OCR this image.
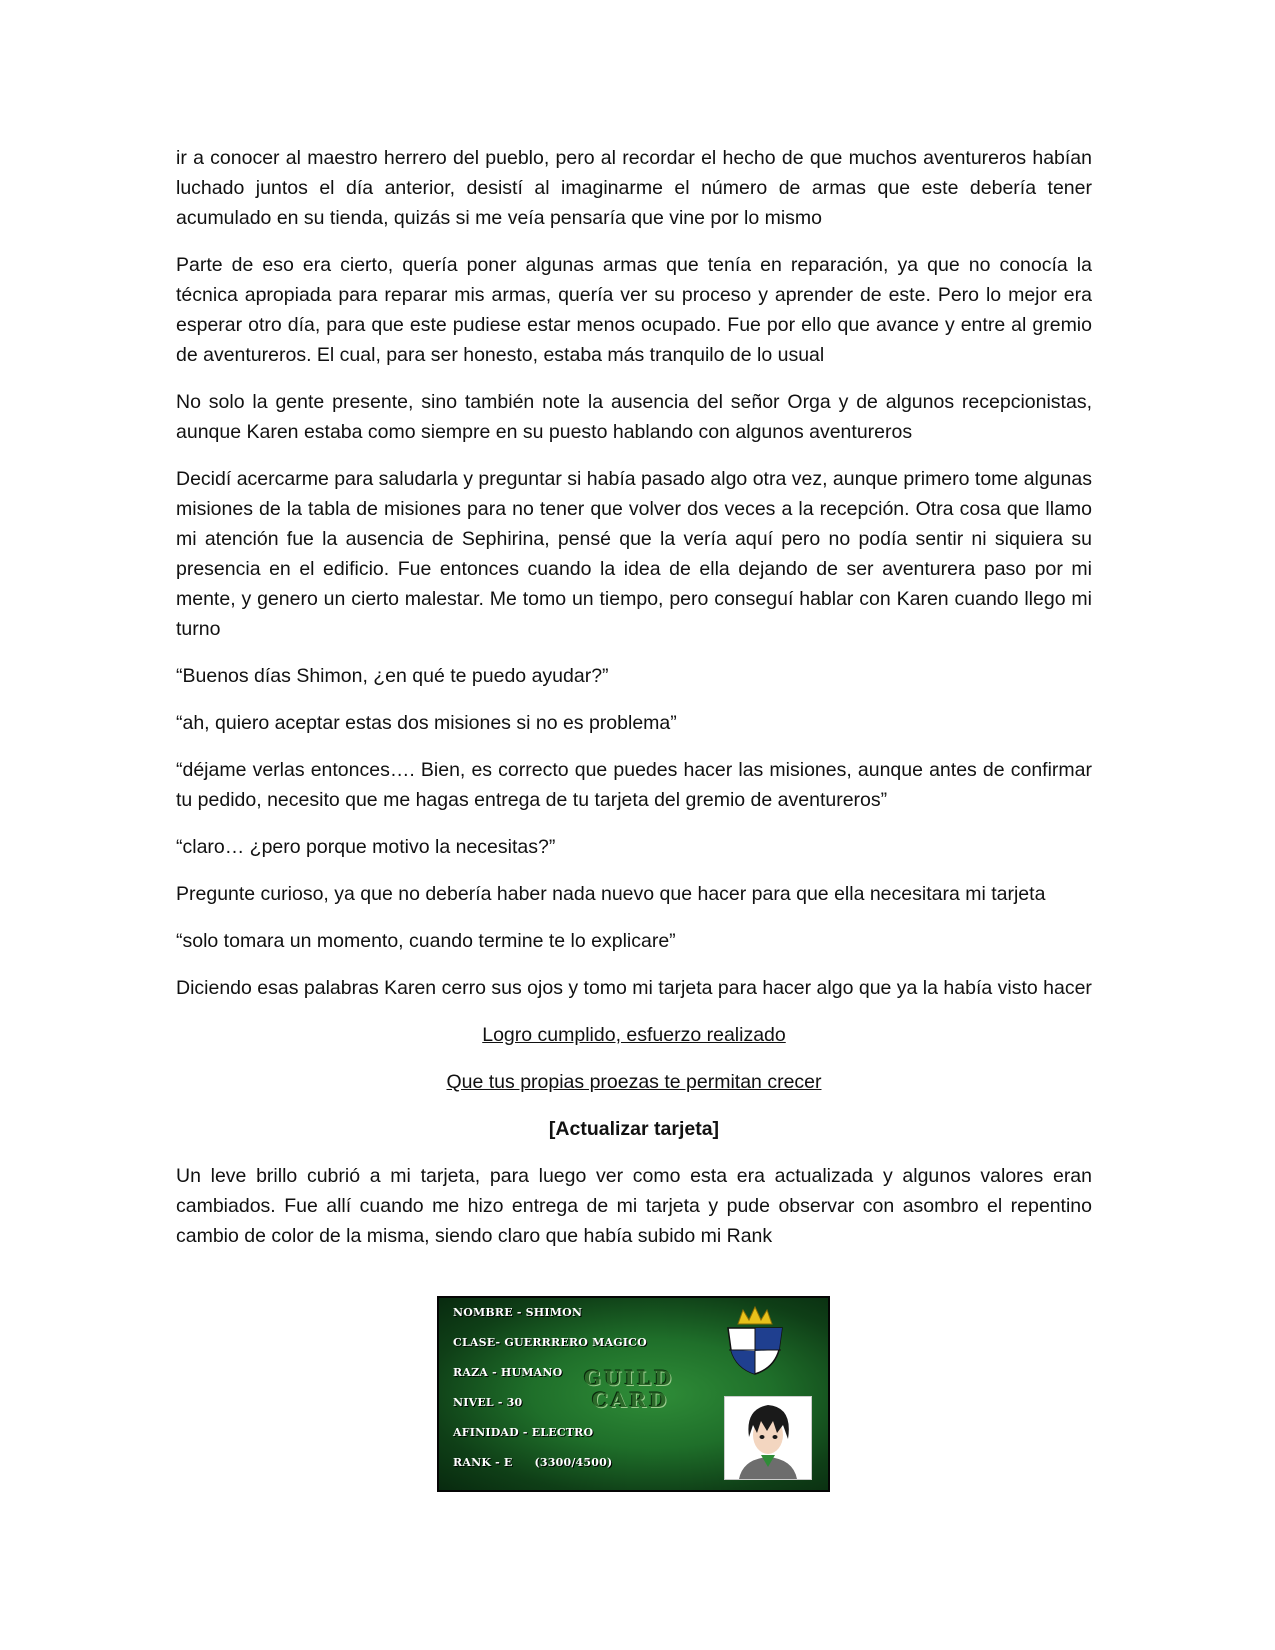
ir a conocer al maestro herrero del pueblo, pero al recordar el hecho de que muchos aventureros habían luchado juntos el día anterior, desistí al imaginarme el número de armas que este debería tener acumulado en su tienda, quizás si me veía pensaría que vine por lo mismo

Parte de eso era cierto, quería poner algunas armas que tenía en reparación, ya que no conocía la técnica apropiada para reparar mis armas, quería ver su proceso y aprender de este. Pero lo mejor era esperar otro día, para que este pudiese estar menos ocupado. Fue por ello que avance y entre al gremio de aventureros. El cual, para ser honesto, estaba más tranquilo de lo usual

No solo la gente presente, sino también note la ausencia del señor Orga y de algunos recepcionistas, aunque Karen estaba como siempre en su puesto hablando con algunos aventureros

Decidí acercarme para saludarla y preguntar si había pasado algo otra vez, aunque primero tome algunas misiones de la tabla de misiones para no tener que volver dos veces a la recepción. Otra cosa que llamo mi atención fue la ausencia de Sephirina, pensé que la vería aquí pero no podía sentir ni siquiera su presencia en el edificio. Fue entonces cuando la idea de ella dejando de ser aventurera paso por mi mente, y genero un cierto malestar. Me tomo un tiempo, pero conseguí hablar con Karen cuando llego mi turno

“Buenos días Shimon, ¿en qué te puedo ayudar?”

“ah, quiero aceptar estas dos misiones si no es problema”

“déjame verlas entonces…. Bien, es correcto que puedes hacer las misiones, aunque antes de confirmar tu pedido, necesito que me hagas entrega de tu tarjeta del gremio de aventureros”

“claro… ¿pero porque motivo la necesitas?”

Pregunte curioso, ya que no debería haber nada nuevo que hacer para que ella necesitara mi tarjeta

“solo tomara un momento, cuando termine te lo explicare”

Diciendo esas palabras Karen cerro sus ojos y tomo mi tarjeta para hacer algo que ya la había visto hacer

Logro cumplido, esfuerzo realizado

Que tus propias proezas te permitan crecer

[Actualizar tarjeta]

Un leve brillo cubrió a mi tarjeta, para luego ver como esta era actualizada y algunos valores eran cambiados. Fue allí cuando me hizo entrega de mi tarjeta y pude observar con asombro el repentino cambio de color de la misma, siendo claro que había subido mi Rank

NOMBRE - SHIMON
CLASE- GUERRRERO MAGICO
RAZA - HUMANO
NIVEL - 30
AFINIDAD - ELECTRO
RANK - E (3300/4500)
GUILD
CARD
